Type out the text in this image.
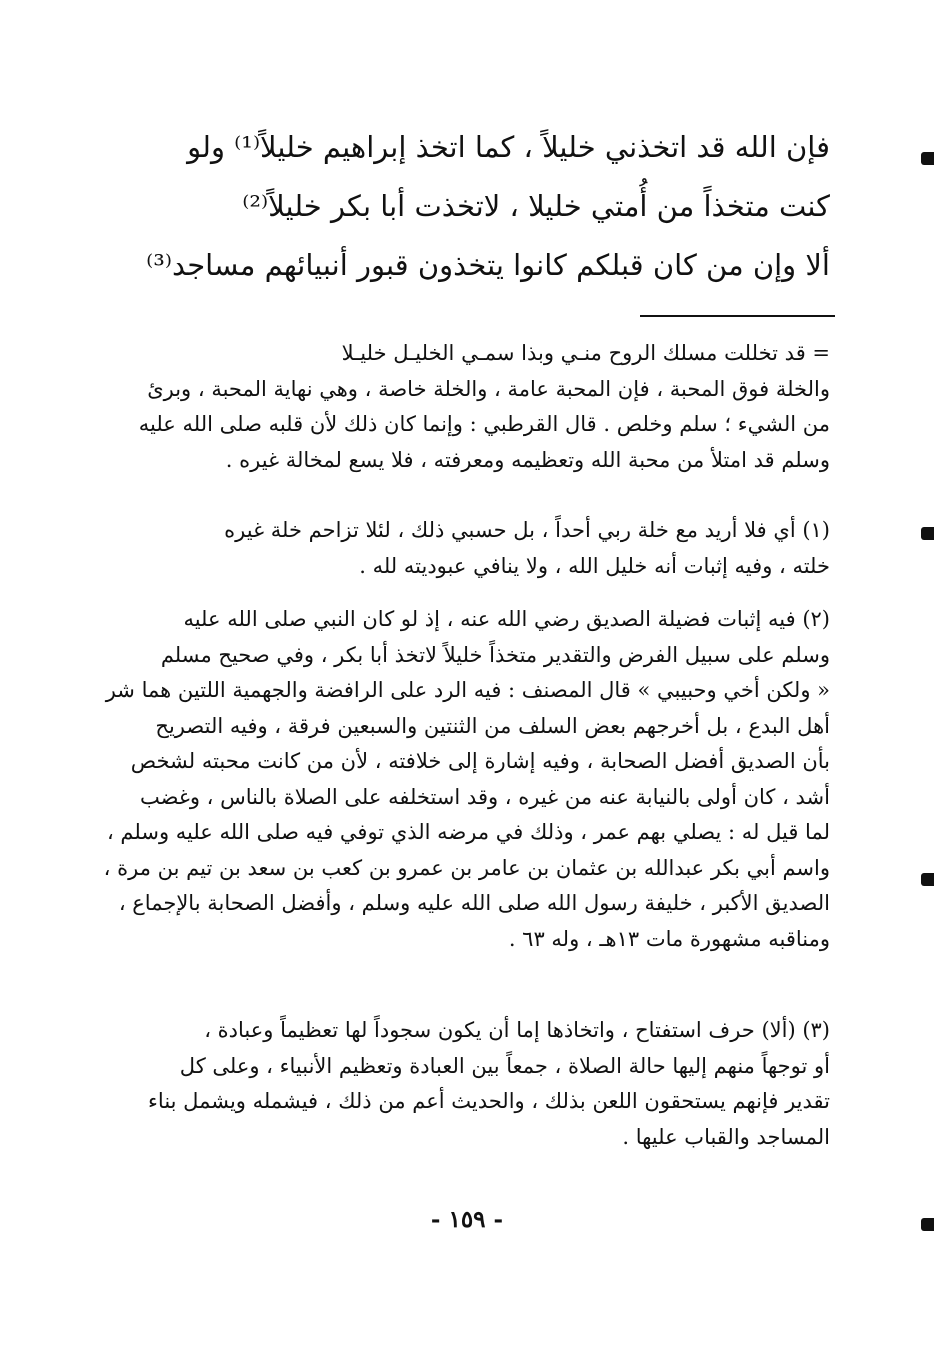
فإن الله قد اتخذني خليلاً ، كما اتخذ إبراهيم خليلاً⁽¹⁾ ولو
كنت متخذاً من أُمتي خليلا ، لاتخذت أبا بكر خليلاً⁽²⁾
ألا وإن من كان قبلكم كانوا يتخذون قبور أنبيائهم مساجد⁽³⁾
= قد تخللت مسلك الروح منـي وبذا سمـي الخليـل خليـلا
والخلة فوق المحبة ، فإن المحبة عامة ، والخلة خاصة ، وهي نهاية المحبة ، وبرئ
من الشيء ؛ سلم وخلص . قال القرطبي : وإنما كان ذلك لأن قلبه صلى الله عليه
وسلم قد امتلأ من محبة الله وتعظيمه ومعرفته ، فلا يسع لمخالة غيره .
(١) أي فلا أريد مع خلة ربي أحداً ، بل حسبي ذلك ، لئلا تزاحم خلة غيره
خلته ، وفيه إثبات أنه خليل الله ، ولا ينافي عبوديته لله .
(٢) فيه إثبات فضيلة الصديق رضي الله عنه ، إذ لو كان النبي صلى الله عليه
وسلم على سبيل الفرض والتقدير متخذاً خليلاً لاتخذ أبا بكر ، وفي صحيح مسلم
« ولكن أخي وحبيبي » قال المصنف : فيه الرد على الرافضة والجهمية اللتين هما شر
أهل البدع ، بل أخرجهم بعض السلف من الثنتين والسبعين فرقة ، وفيه التصريح
بأن الصديق أفضل الصحابة ، وفيه إشارة إلى خلافته ، لأن من كانت محبته لشخص
أشد ، كان أولى بالنيابة عنه من غيره ، وقد استخلفه على الصلاة بالناس ، وغضب
لما قيل له : يصلي بهم عمر ، وذلك في مرضه الذي توفي فيه صلى الله عليه وسلم ،
واسم أبي بكر عبدالله بن عثمان بن عامر بن عمرو بن كعب بن سعد بن تيم بن مرة ،
الصديق الأكبر ، خليفة رسول الله صلى الله عليه وسلم ، وأفضل الصحابة بالإجماع ،
ومناقبه مشهورة مات ١٣هـ ، وله ٦٣ .
(٣) (ألا) حرف استفتاح ، واتخاذها إما أن يكون سجوداً لها تعظيماً وعبادة ،
أو توجهاً منهم إليها حالة الصلاة ، جمعاً بين العبادة وتعظيم الأنبياء ، وعلى كل
تقدير فإنهم يستحقون اللعن بذلك ، والحديث أعم من ذلك ، فيشمله ويشمل بناء
المساجد والقباب عليها .
- ١٥٩ -
